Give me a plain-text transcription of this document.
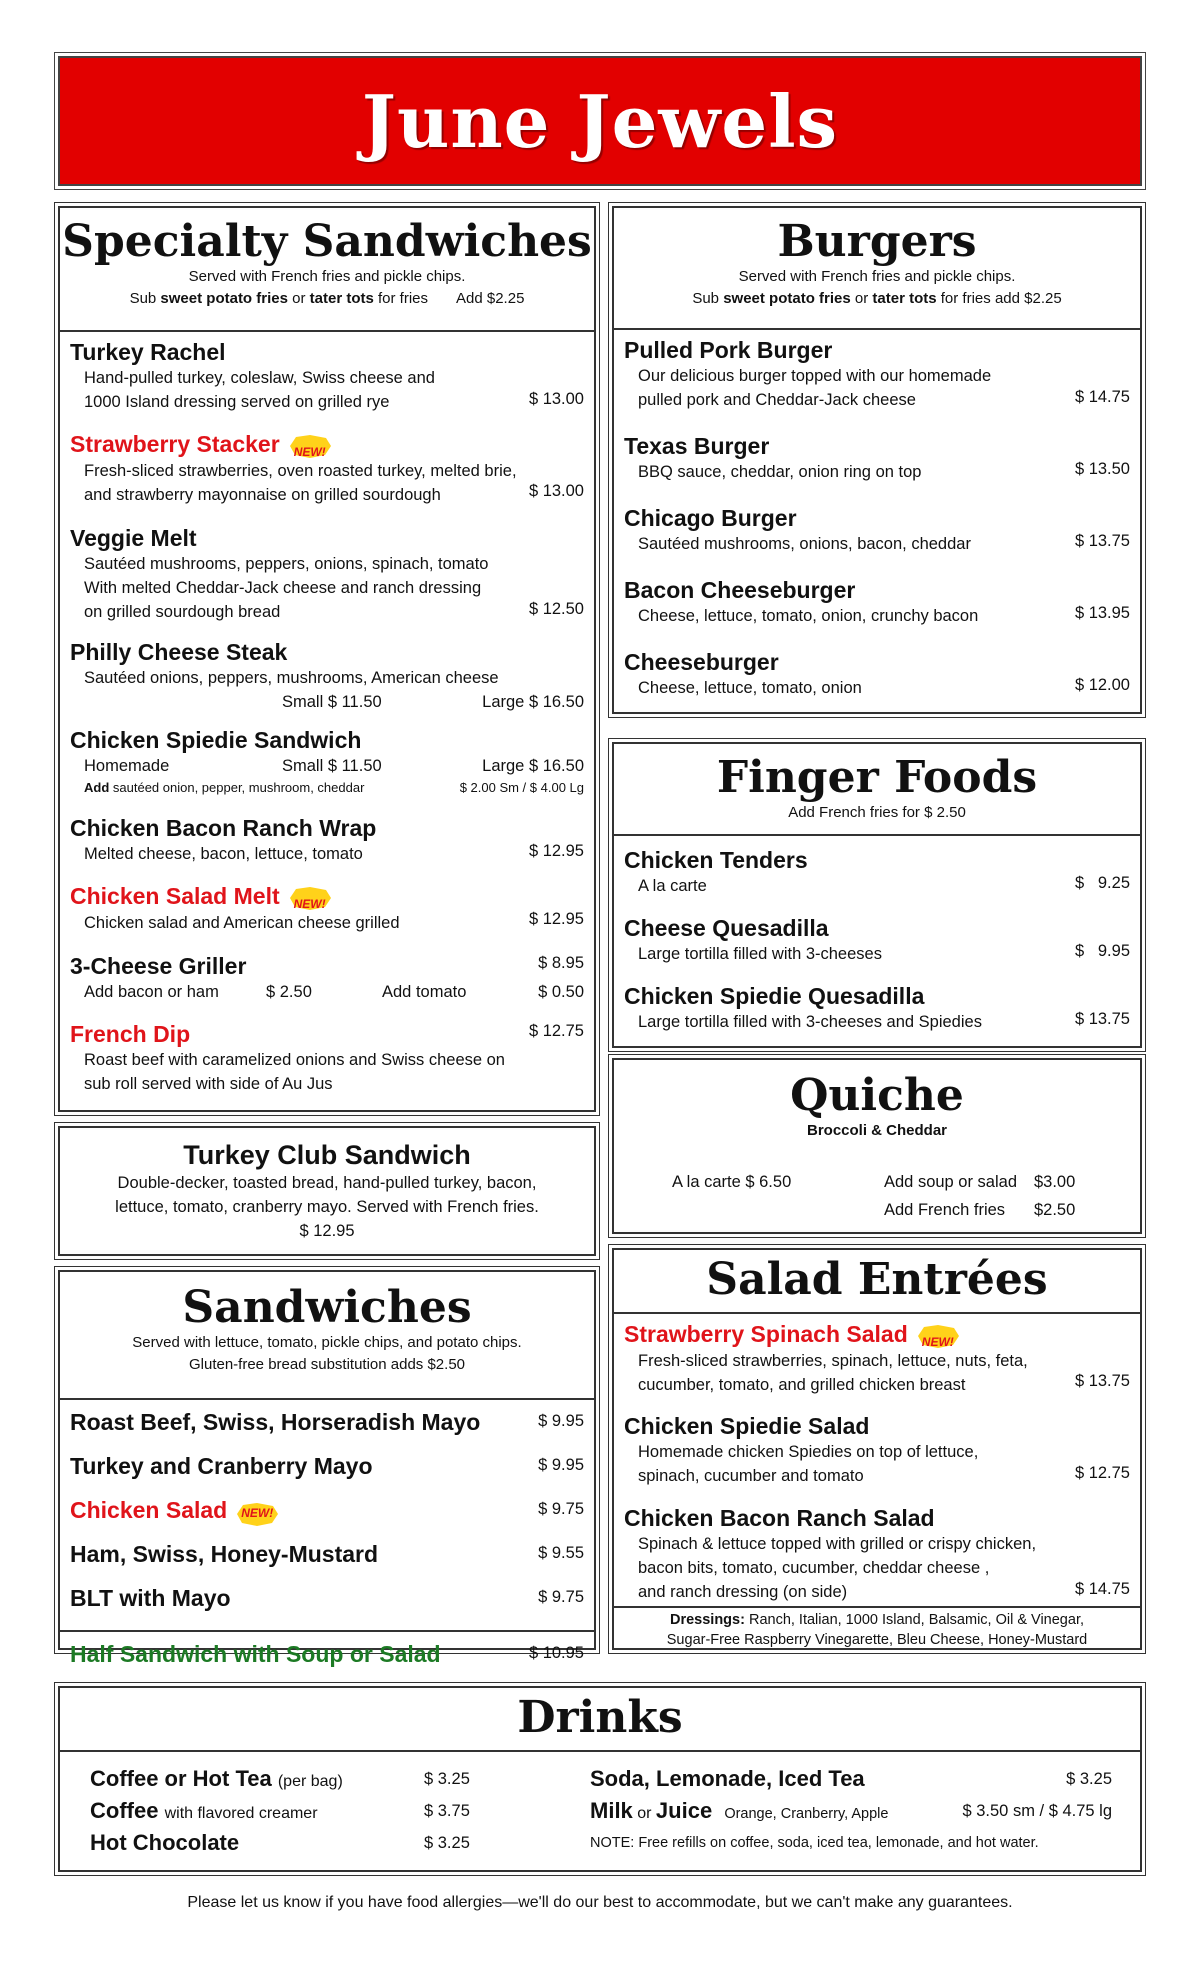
June Jewels
Specialty Sandwiches
Served with French fries and pickle chips.
Sub sweet potato fries or tater tots for fries Add $2.25
Turkey Rachel
Hand-pulled turkey, coleslaw, Swiss cheese and
1000 Island dressing served on grilled rye	$ 13.00
Strawberry Stacker	NEW!
Fresh-sliced strawberries, oven roasted turkey, melted brie,
and strawberry mayonnaise on grilled sourdough	$ 13.00
Veggie Melt
Sautéed mushrooms, peppers, onions, spinach, tomato
With melted Cheddar-Jack cheese and ranch dressing
on grilled sourdough bread	$ 12.50
Philly Cheese Steak
Sautéed onions, peppers, mushrooms, American cheese
Small $ 11.50	Large $ 16.50
Chicken Spiedie Sandwich
Homemade	Small $ 11.50	Large $ 16.50
Add sautéed onion, pepper, mushroom, cheddar	$ 2.00 Sm / $ 4.00 Lg
Chicken Bacon Ranch Wrap
Melted cheese, bacon, lettuce, tomato	$ 12.95
Chicken Salad Melt	NEW!
Chicken salad and American cheese grilled	$ 12.95
3-Cheese Griller	$ 8.95
Add bacon or ham	$ 2.50	Add tomato	$ 0.50
French Dip	$ 12.75
Roast beef with caramelized onions and Swiss cheese on
sub roll served with side of Au Jus
Turkey Club Sandwich
Double-decker, toasted bread, hand-pulled turkey, bacon,
lettuce, tomato, cranberry mayo. Served with French fries.
$ 12.95
Sandwiches
Served with lettuce, tomato, pickle chips, and potato chips.
Gluten-free bread substitution adds $2.50
Roast Beef, Swiss, Horseradish Mayo	$ 9.95
Turkey and Cranberry Mayo	$ 9.95
Chicken Salad	NEW!	$ 9.75
Ham, Swiss, Honey-Mustard	$ 9.55
BLT with Mayo	$ 9.75
Half Sandwich with Soup or Salad	$ 10.95
Burgers
Served with French fries and pickle chips.
Sub sweet potato fries or tater tots for fries add $2.25
Pulled Pork Burger
Our delicious burger topped with our homemade
pulled pork and Cheddar-Jack cheese	$ 14.75
Texas Burger
BBQ sauce, cheddar, onion ring on top	$ 13.50
Chicago Burger
Sautéed mushrooms, onions, bacon, cheddar	$ 13.75
Bacon Cheeseburger
Cheese, lettuce, tomato, onion, crunchy bacon	$ 13.95
Cheeseburger
Cheese, lettuce, tomato, onion	$ 12.00
Finger Foods
Add French fries for $ 2.50
Chicken Tenders
A la carte	$   9.25
Cheese Quesadilla
Large tortilla filled with 3-cheeses	$   9.95
Chicken Spiedie Quesadilla
Large tortilla filled with 3-cheeses and Spiedies	$ 13.75
Quiche
Broccoli & Cheddar
A la carte $ 6.50	Add soup or salad $3.00
Add French fries $2.50
Salad Entrées
Strawberry Spinach Salad	NEW!
Fresh-sliced strawberries, spinach, lettuce, nuts, feta,
cucumber, tomato, and grilled chicken breast	$ 13.75
Chicken Spiedie Salad
Homemade chicken Spiedies on top of lettuce,
spinach, cucumber and tomato	$ 12.75
Chicken Bacon Ranch Salad
Spinach & lettuce topped with grilled or crispy chicken,
bacon bits, tomato, cucumber, cheddar cheese ,
and ranch dressing (on side)	$ 14.75
Dressings: Ranch, Italian, 1000 Island, Balsamic, Oil & Vinegar,
Sugar-Free Raspberry Vinegarette, Bleu Cheese, Honey-Mustard
Drinks
Coffee or Hot Tea (per bag)	$ 3.25	Soda, Lemonade, Iced Tea	$ 3.25
Coffee with flavored creamer	$ 3.75	Milk or Juice Orange, Cranberry, Apple	$ 3.50 sm / $ 4.75 lg
Hot Chocolate	$ 3.25	NOTE: Free refills on coffee, soda, iced tea, lemonade, and hot water.
Please let us know if you have food allergies—we'll do our best to accommodate, but we can't make any guarantees.
